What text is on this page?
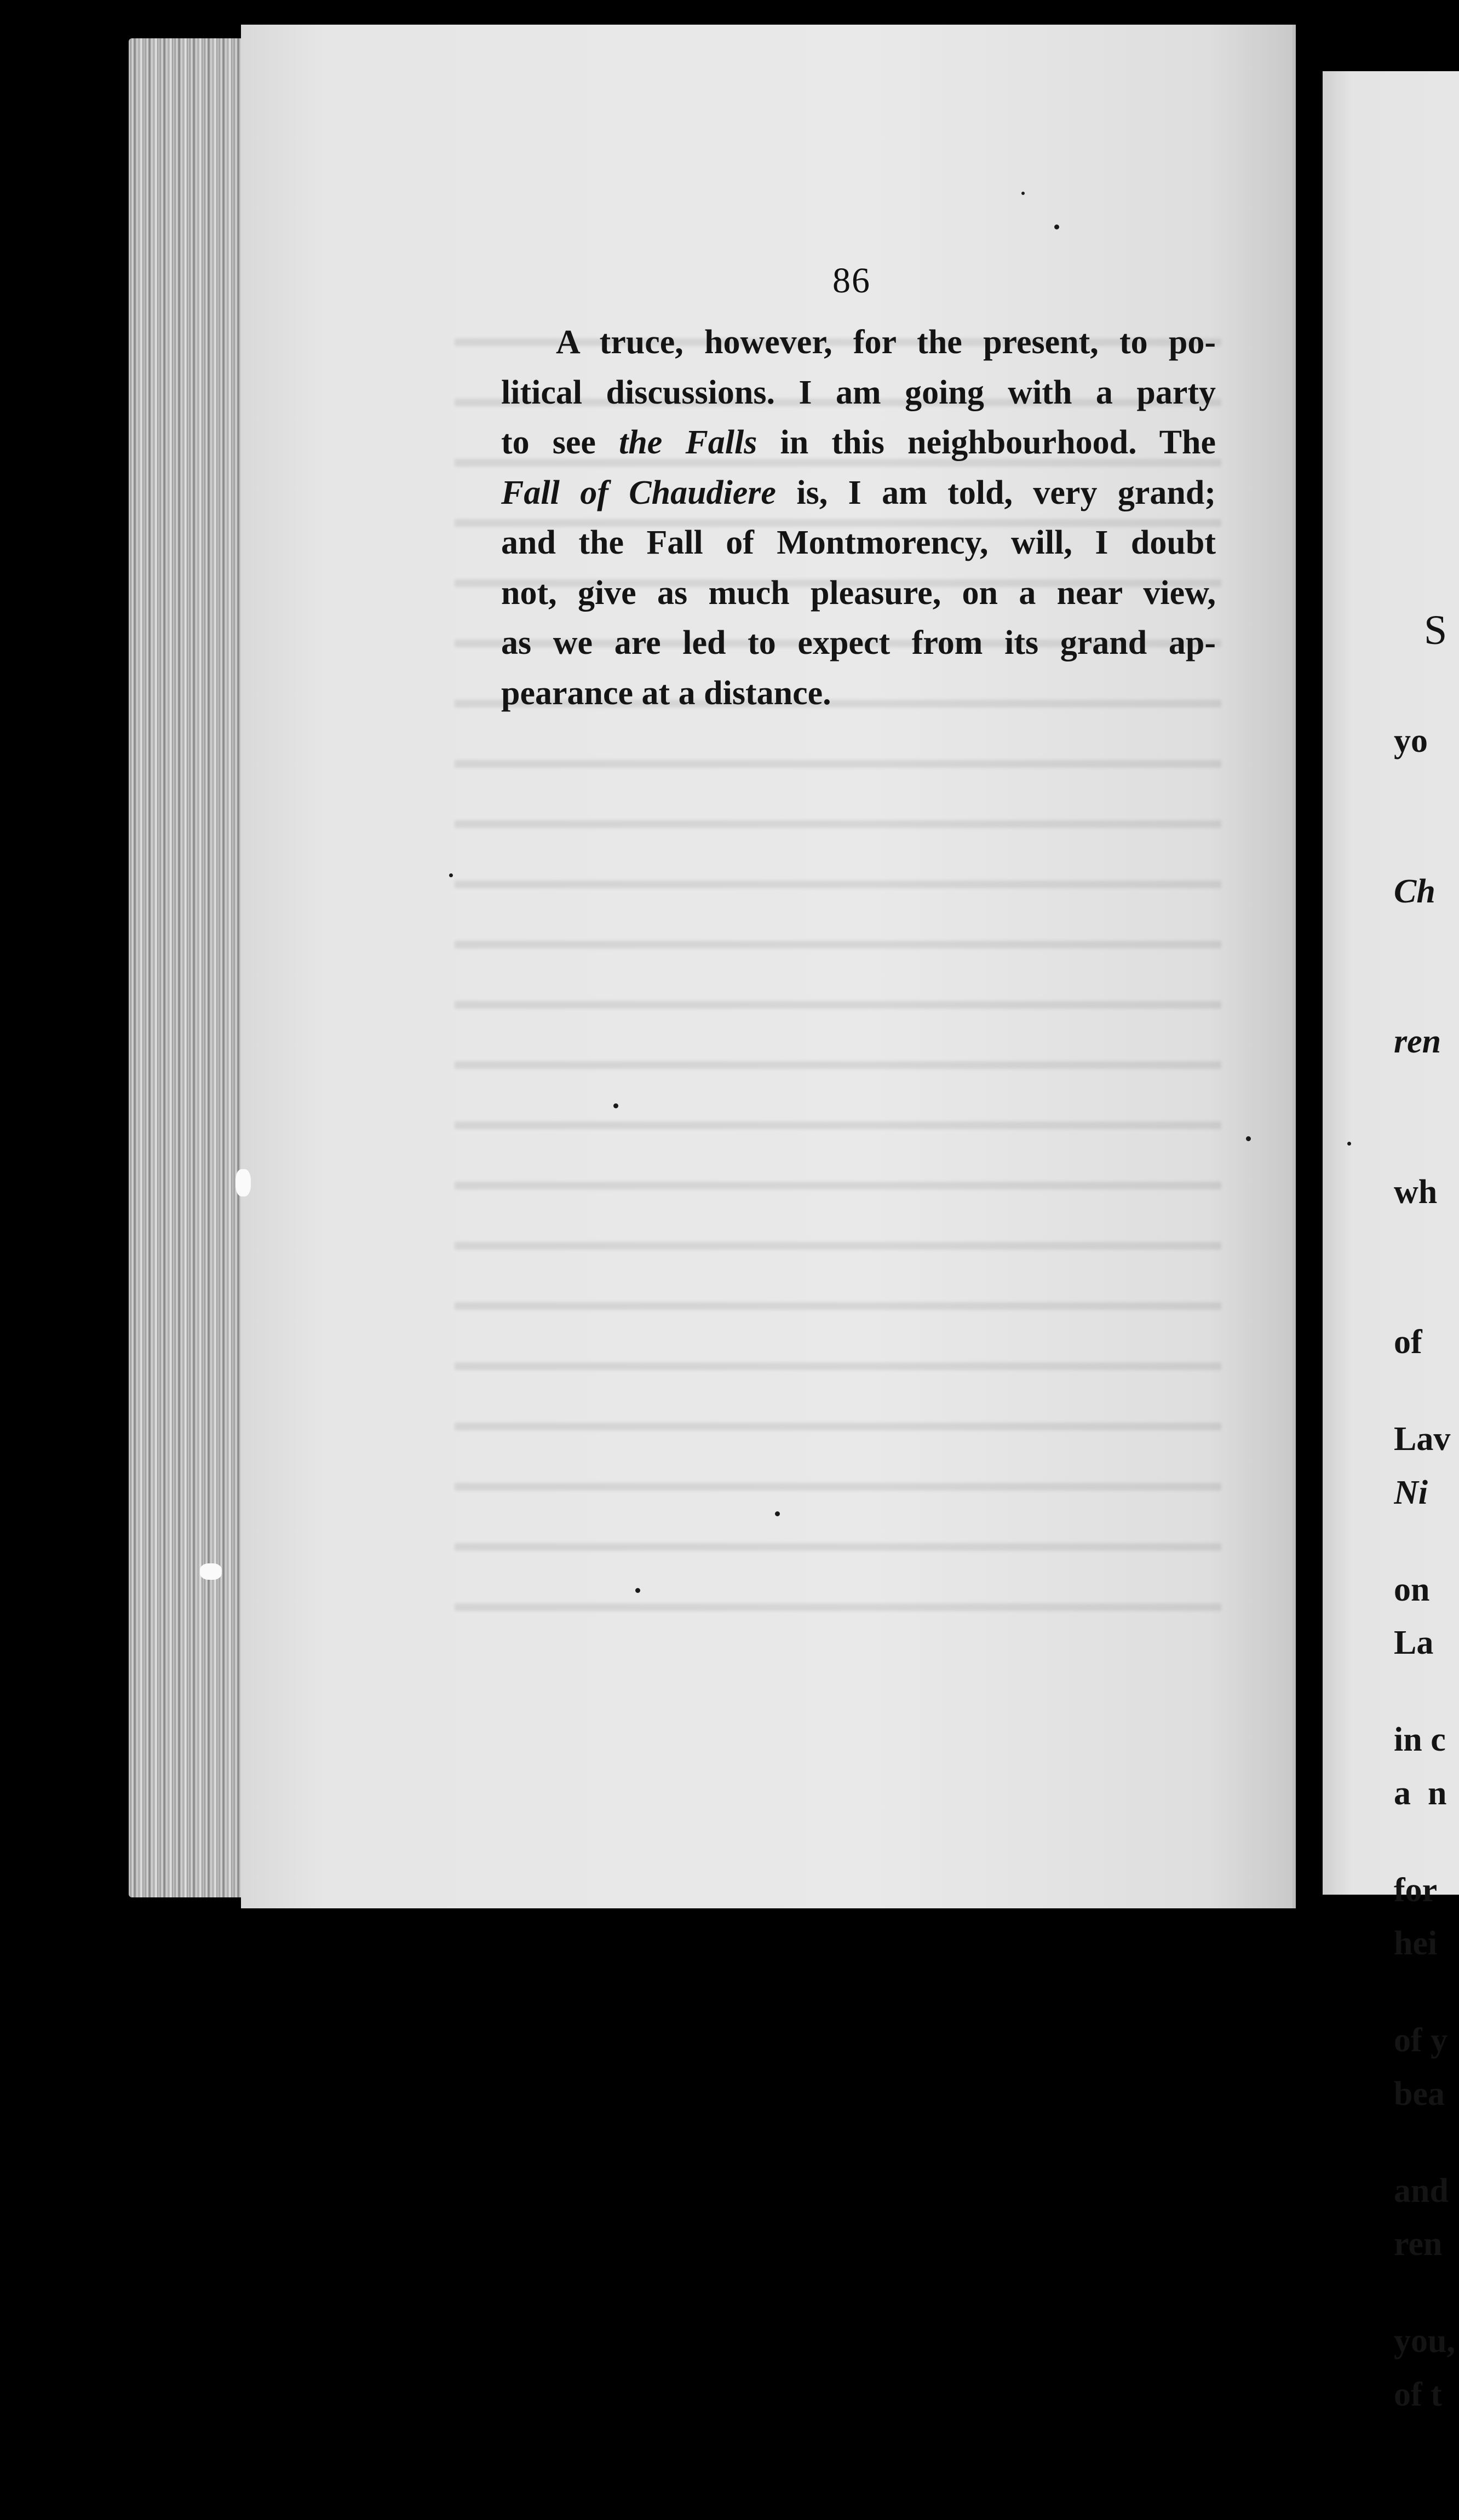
86
A truce, however, for the present, to po-
litical discussions. I am going with a party
to see the Falls in this neighbourhood. The
Fall of Chaudiere is, I am told, very grand;
and the Fall of Montmorency, will, I doubt
not, give as much pleasure, on a near view,
as we are led to expect from its grand ap-
pearance at a distance.
S

yo

Ch

ren

wh

of

Ni

La

a  n

hei

bea

ren

of t

Lav

on

in c

for

of y

and

you,
